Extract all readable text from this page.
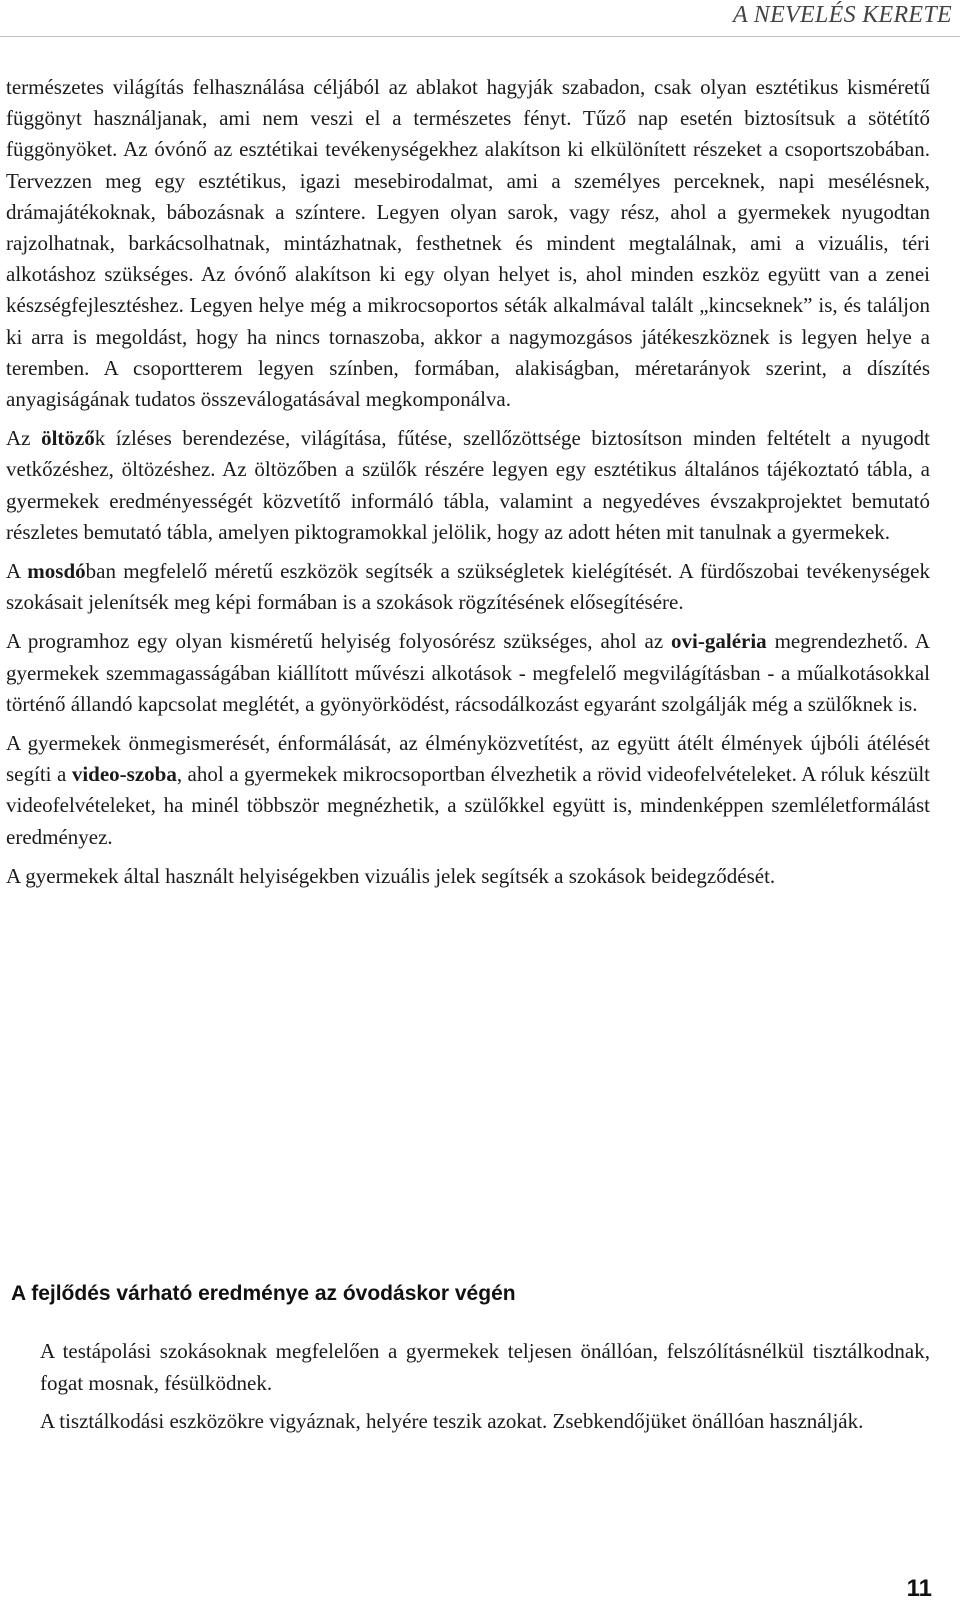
A NEVELÉS KERETE

természetes világítás felhasználása céljából az ablakot hagyják szabadon, csak olyan esztétikus kisméretű függönyt használjanak, ami nem veszi el a természetes fényt. Tűző nap esetén biztosítsuk a sötétítő függönyöket. Az óvónő az esztétikai tevékenységekhez alakítson ki elkülönített részeket a csoportszobában. Tervezzen meg egy esztétikus, igazi mesebirodalmat, ami a személyes perceknek, napi mesélésnek, drámajátékoknak, bábozásnak a színtere. Legyen olyan sarok, vagy rész, ahol a gyermekek nyugodtan rajzolhatnak, barkácsolhatnak, mintázhatnak, festhetnek és mindent megtalálnak, ami a vizuális, téri alkotáshoz szükséges. Az óvónő alakítson ki egy olyan helyet is, ahol minden eszköz együtt van a zenei készségfejlesztéshez. Legyen helye még a mikrocsoportos séták alkalmával talált „kincseknek” is, és találjon ki arra is megoldást, hogy ha nincs tornaszoba, akkor a nagymozgásos játékeszköznek is legyen helye a teremben. A csoportterem legyen színben, formában, alakiságban, méretarányok szerint, a díszítés anyagiságának tudatos összeválogatásával megkomponálva.

Az öltözők ízléses berendezése, világítása, fűtése, szellőzöttsége biztosítson minden feltételt a nyugodt vetkőzéshez, öltözéshez. Az öltözőben a szülők részére legyen egy esztétikus általános tájékoztató tábla, a gyermekek eredményességét közvetítő informáló tábla, valamint a negyedéves évszakprojektet bemutató részletes bemutató tábla, amelyen piktogramokkal jelölik, hogy az adott héten mit tanulnak a gyermekek.

A mosdóban megfelelő méretű eszközök segítsék a szükségletek kielégítését. A fürdőszobai tevékenységek szokásait jelenítsék meg képi formában is a szokások rögzítésének elősegítésére.

A programhoz egy olyan kisméretű helyiség folyosórész szükséges, ahol az ovi-galéria megrendezhető. A gyermekek szemmagasságában kiállított művészi alkotások - megfelelő megvilágításban - a műalkotásokkal történő állandó kapcsolat meglétét, a gyönyörködést, rácsodálkozást egyaránt szolgálják még a szülőknek is.

A gyermekek önmegismerését, énformálását, az élményközvetítést, az együtt átélt élmények újbóli átélését segíti a video-szoba, ahol a gyermekek mikrocsoportban élvezhetik a rövid videofelvételeket. A róluk készült videofelvételeket, ha minél többször megnézhetik, a szülőkkel együtt is, mindenképpen szemléletformálást eredményez.

A gyermekek által használt helyiségekben vizuális jelek segítsék a szokások beidegződését.

A fejlődés várható eredménye az óvodáskor végén

A testápolási szokásoknak megfelelően a gyermekek teljesen önállóan, felszólításnélkül tisztálkodnak, fogat mosnak, fésülködnek.

A tisztálkodási eszközökre vigyáznak, helyére teszik azokat. Zsebkendőjüket önállóan használják.

11
